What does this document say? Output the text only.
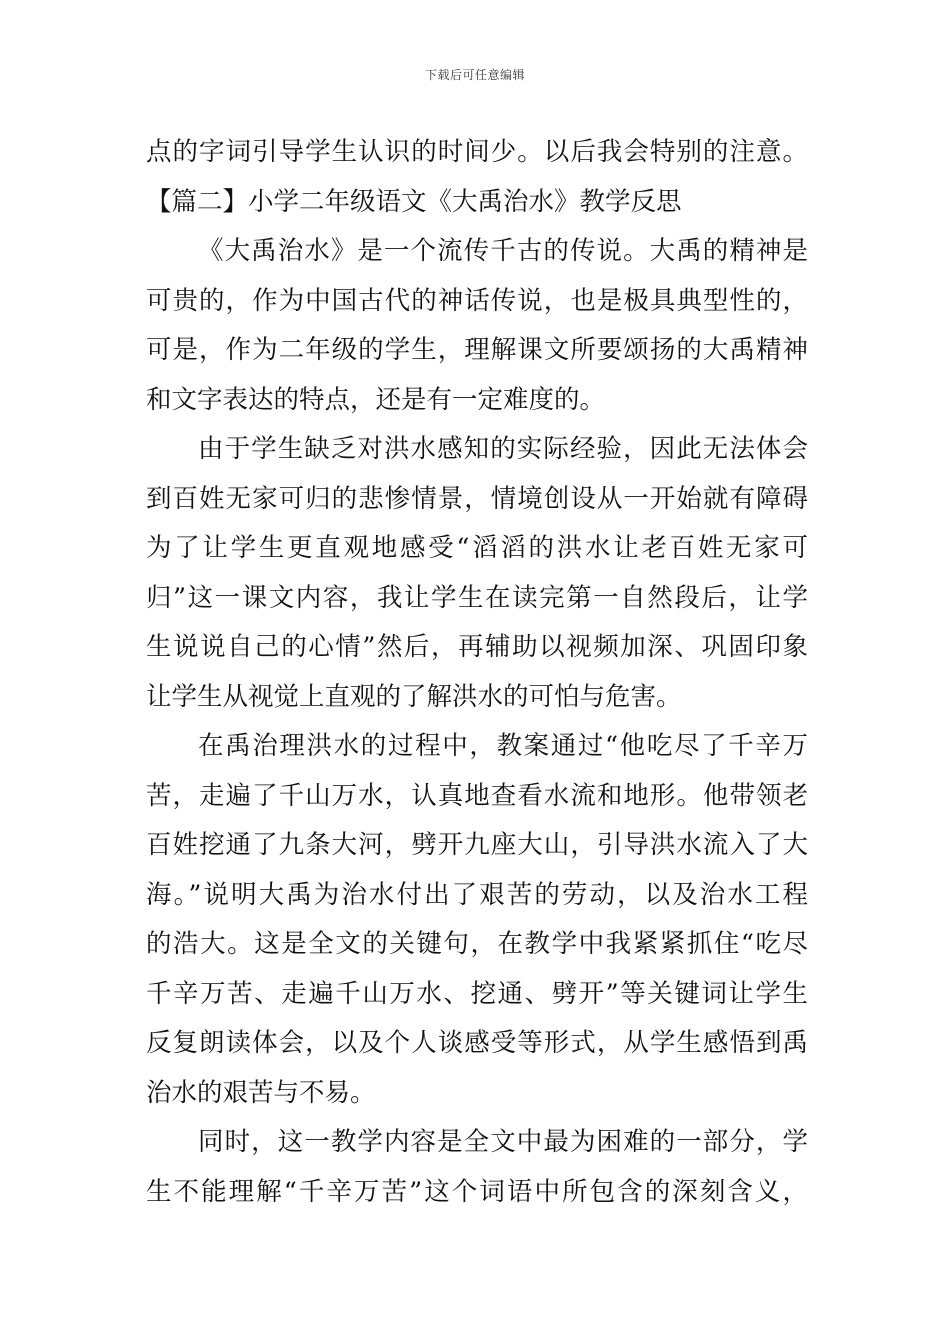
下载后可任意编辑
点的字词引导学生认识的时间少。以后我会特别的注意。
【篇二】小学二年级语文《大禹治水》教学反思
《大禹治水》是一个流传千古的传说。大禹的精神是
可贵的，作为中国古代的神话传说，也是极具典型性的，
可是，作为二年级的学生，理解课文所要颂扬的大禹精神
和文字表达的特点，还是有一定难度的。
由于学生缺乏对洪水感知的实际经验，因此无法体会
到百姓无家可归的悲惨情景，情境创设从一开始就有障碍
为了让学生更直观地感受“滔滔的洪水让老百姓无家可
归”这一课文内容，我让学生在读完第一自然段后，让学
生说说自己的心情”然后，再辅助以视频加深、巩固印象
让学生从视觉上直观的了解洪水的可怕与危害。
在禹治理洪水的过程中，教案通过“他吃尽了千辛万
苦，走遍了千山万水，认真地查看水流和地形。他带领老
百姓挖通了九条大河，劈开九座大山，引导洪水流入了大
海。”说明大禹为治水付出了艰苦的劳动，以及治水工程
的浩大。这是全文的关键句，在教学中我紧紧抓住“吃尽
千辛万苦、走遍千山万水、挖通、劈开”等关键词让学生
反复朗读体会，以及个人谈感受等形式，从学生感悟到禹
治水的艰苦与不易。
同时，这一教学内容是全文中最为困难的一部分，学
生不能理解“千辛万苦”这个词语中所包含的深刻含义，
